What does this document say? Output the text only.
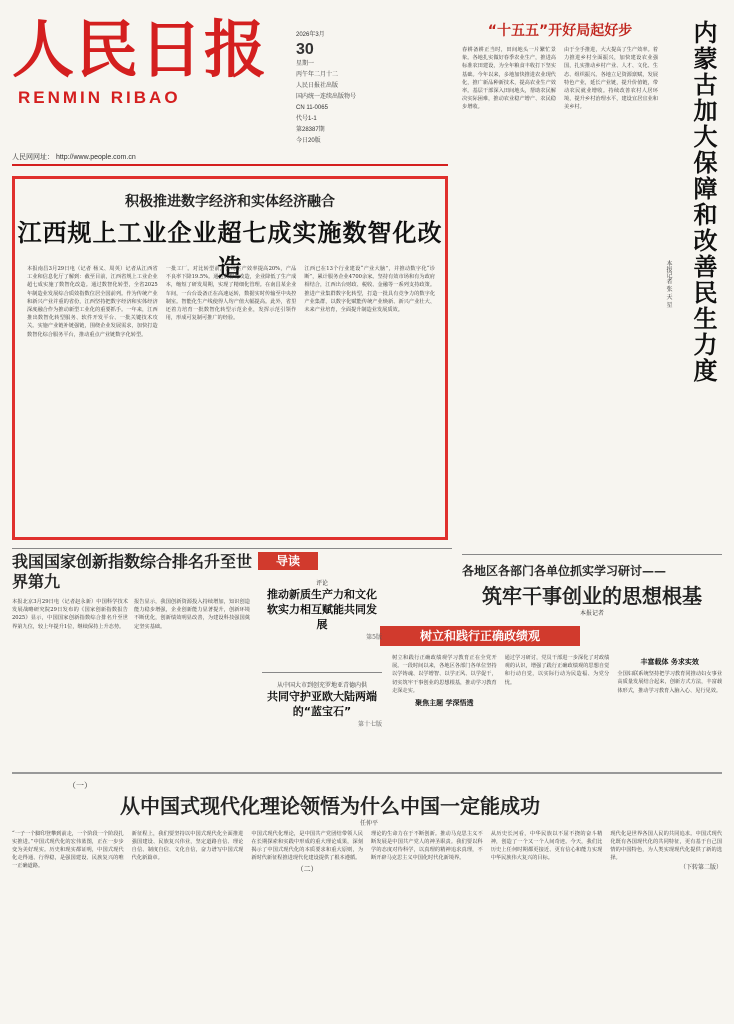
人民日报
RENMIN RIBAO
2026年3月
30
星期一
丙午年二月十二
人民日报社出版
国内统一连续出版物号
CN 11-0065
代号1-1
第28387期
今日20版
人民网网址： http://www.people.com.cn
积极推进数字经济和实体经济融合
江西规上工业企业超七成实施数智化改造
本报南昌3月29日电（记者 杨义、周英）记者从江西省工业和信息化厅了解到：截至目前，江西省规上工业企业超七成实施了数智化改造。通过数智化转型，全省2025年制造业发展综合质效指数位居全国前列。作为传统产业和新兴产业并重的省份，江西坚持把数字经济和实体经济深度融合作为推动新型工业化的重要抓手。一年来，江西推出数智化转型服务、软件开发平台、一批关键技术攻关。实施产业链补链强链，围绕企业发展需求，加快打造数智化综合服务平台，推动重点产业链数字化转型。
一批工厂。对比转型前，公司生产效率提高20%，产品不良率下降19.5%。通过数智化改造，企业降低了生产成本，缩短了研发周期，实现了精细化管理。在南昌某企业车间，一台台设备正在高速运转，数据实时传输至中央控制室。智能化生产线使得人均产值大幅提高。此外，省里还着力培育一批数智化转型示范企业，发挥示范引领作用，形成可复制可推广的经验。
江西已在13个行业建设“产业大脑”，并推动数字化“诊断”，累计服务企业4700余家。坚持有效市场和有为政府相结合，江西出台财政、税收、金融等一系列支持政策。推进产业集群数字化转型，打造一批具有竞争力的数字化产业集群，以数字化赋能传统产业焕新、新兴产业壮大、未来产业培育，全面提升制造业发展质效。
“十五五”开好局起好步
春耕备耕正当时，田间地头一片繁忙景象。各地扎实做好春季农业生产，推进高标准农田建设，为全年粮食丰收打下坚实基础。今年以来，多地加快推进农业现代化，推广新品种新技术，提高农业生产效率。基层干部深入田间地头，帮助农民解决实际困难，推动农业稳产增产、农民稳步增收。
由于全手推进，大大提高了生产效率。着力推进乡村全面振兴，加快建设农业强国，扎实推动乡村产业、人才、文化、生态、组织振兴。各地立足资源禀赋，发展特色产业，延长产业链，提升价值链，带动农民就业增收。持续改善农村人居环境，提升乡村治理水平，建设宜居宜业和美乡村。	内蒙古加大保障和改善民生力度
本报记者 张 天 星
各地区各部门各单位抓实学习研讨——
筑牢干事创业的思想根基
本报记者
树立和践行正确政绩观
树立和践行正确政绩观学习教育正在全党开展。一段时间以来，各地区各部门各单位坚持以学铸魂、以学增智、以学正风、以学促干，切实筑牢干事创业的思想根基，推动学习教育走深走实。
聚焦主题 学深悟透
通过学习研讨，党员干部进一步深化了对政绩观的认识，增强了践行正确政绩观的思想自觉和行动自觉，以实际行动为民造福、为党分忧。
丰富载体 务求实效
全国妇联系统坚持把学习教育同推动妇女事业高质量发展结合起来，创新方式方法，丰富载体形式，推动学习教育入脑入心、见行见效。
我国国家创新指数综合排名升至世界第九
本报北京3月29日电（记者赵永新）中国科学技术发展战略研究院29日发布的《国家创新指数报告2025》显示，中国国家创新指数综合排名升至世界第九位，较上年提升1位，继续保持上升态势。
报告显示，我国创新资源投入持续增加，知识创造能力稳步增强，企业创新能力显著提升，创新环境不断优化，创新绩效明显改善，为建设科技强国奠定坚实基础。
导读
评论
推动新质生产力和文化软实力相互赋能共同发展
第5版
从中国大市到创充罗地亚青德内供
共同守护亚欧大陆两端的“蓝宝石”
第十七版
（一）
从中国式现代化理论领悟为什么中国一定能成功
任仲平
“一子一个脚印登攀到前走，一个阶段一个阶段扎实推进。”中国式现代化的宏伟蓝图，正在一步步变为美好现实。历史和现实都证明，中国式现代化走得通、行得稳，是强国建设、民族复兴的唯一正确道路。
新征程上，我们要坚持以中国式现代化全面推进强国建设、民族复兴伟业，坚定道路自信、理论自信、制度自信、文化自信，奋力谱写中国式现代化新篇章。
中国式现代化理论，是中国共产党团结带领人民在长期探索和实践中形成的重大理论成果，深刻揭示了中国式现代化的本质要求和重大原则，为新时代新征程推进现代化建设提供了根本遵循。
（二）
理论的生命力在于不断创新。推动马克思主义不断发展是中国共产党人的神圣职责。我们要以科学的态度对待科学，以真理的精神追求真理，不断开辟马克思主义中国化时代化新境界。
从历史长河看，中华民族以不屈不挠的奋斗精神，创造了一个又一个人间奇迹。今天，我们比历史上任何时期都更接近、更有信心和能力实现中华民族伟大复兴的目标。
现代化是世界各国人民的共同追求。中国式现代化既有各国现代化的共同特征，更有基于自己国情的中国特色，为人类实现现代化提供了新的选择。
（下转第二版）
